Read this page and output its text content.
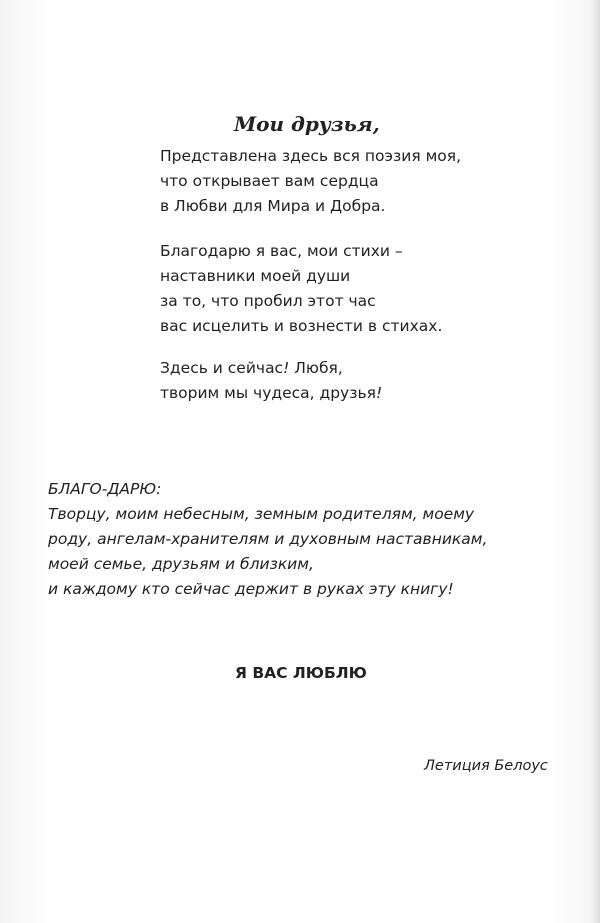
Мои друзья,
Представлена здесь вся поэзия моя,
что открывает вам сердца
в Любви для Мира и Добра.
Благодарю я вас, мои стихи –
наставники моей души
за то, что пробил этот час
вас исцелить и вознести в стихах.
Здесь и сейчас! Любя,
творим мы чудеса, друзья!
БЛАГО-ДАРЮ:
Творцу, моим небесным, земным родителям, моему
роду, ангелам-хранителям и духовным наставникам,
моей семье, друзьям и близким,
и каждому кто сейчас держит в руках эту книгу!
Я ВАС ЛЮБЛЮ
Летиция Белоус
